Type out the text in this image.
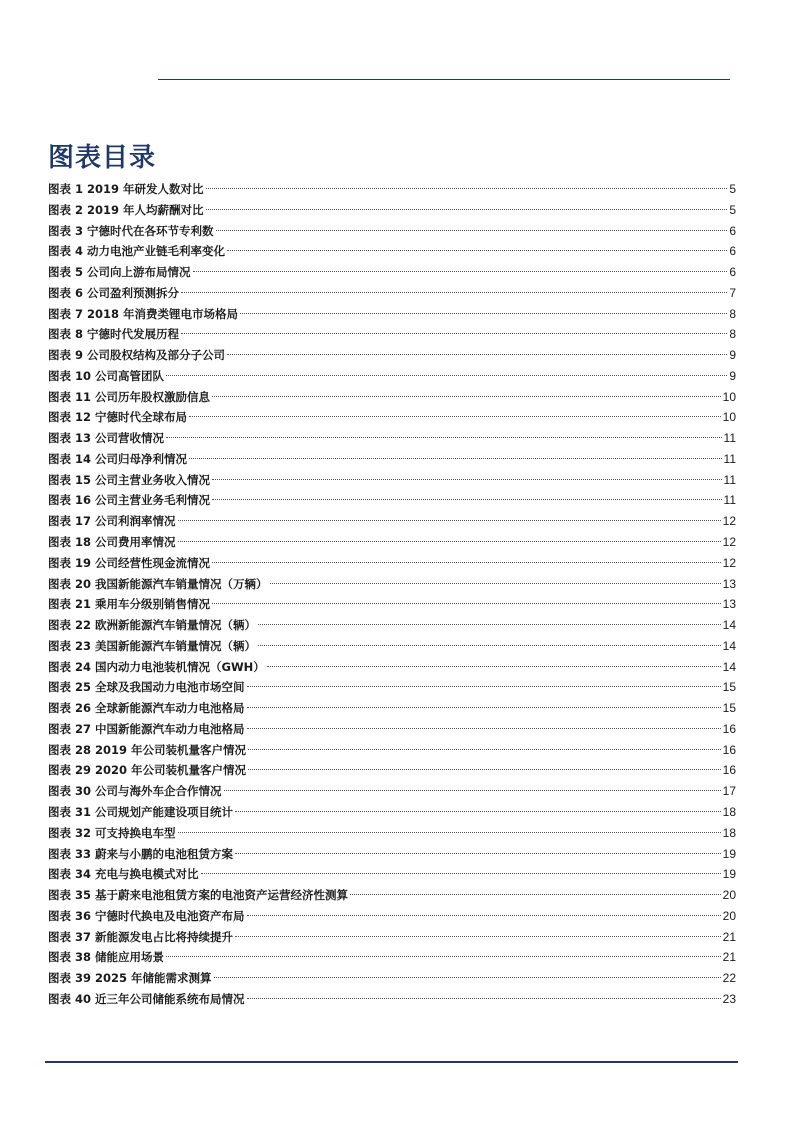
图表目录
图表 1 2019 年研发人数对比	5
图表 2 2019 年人均薪酬对比	5
图表 3 宁德时代在各环节专利数	6
图表 4 动力电池产业链毛利率变化	6
图表 5 公司向上游布局情况	6
图表 6 公司盈利预测拆分	7
图表 7 2018 年消费类锂电市场格局	8
图表 8 宁德时代发展历程	8
图表 9 公司股权结构及部分子公司	9
图表 10 公司高管团队	9
图表 11 公司历年股权激励信息	10
图表 12 宁德时代全球布局	10
图表 13 公司营收情况	11
图表 14 公司归母净利情况	11
图表 15 公司主营业务收入情况	11
图表 16 公司主营业务毛利情况	11
图表 17 公司利润率情况	12
图表 18 公司费用率情况	12
图表 19 公司经营性现金流情况	12
图表 20 我国新能源汽车销量情况（万辆）	13
图表 21 乘用车分级别销售情况	13
图表 22 欧洲新能源汽车销量情况（辆）	14
图表 23 美国新能源汽车销量情况（辆）	14
图表 24 国内动力电池装机情况（GWH）	14
图表 25 全球及我国动力电池市场空间	15
图表 26 全球新能源汽车动力电池格局	15
图表 27 中国新能源汽车动力电池格局	16
图表 28 2019 年公司装机量客户情况	16
图表 29 2020 年公司装机量客户情况	16
图表 30 公司与海外车企合作情况	17
图表 31 公司规划产能建设项目统计	18
图表 32 可支持换电车型	18
图表 33 蔚来与小鹏的电池租赁方案	19
图表 34 充电与换电模式对比	19
图表 35 基于蔚来电池租赁方案的电池资产运营经济性测算	20
图表 36 宁德时代换电及电池资产布局	20
图表 37 新能源发电占比将持续提升	21
图表 38 储能应用场景	21
图表 39 2025 年储能需求测算	22
图表 40 近三年公司储能系统布局情况	23
